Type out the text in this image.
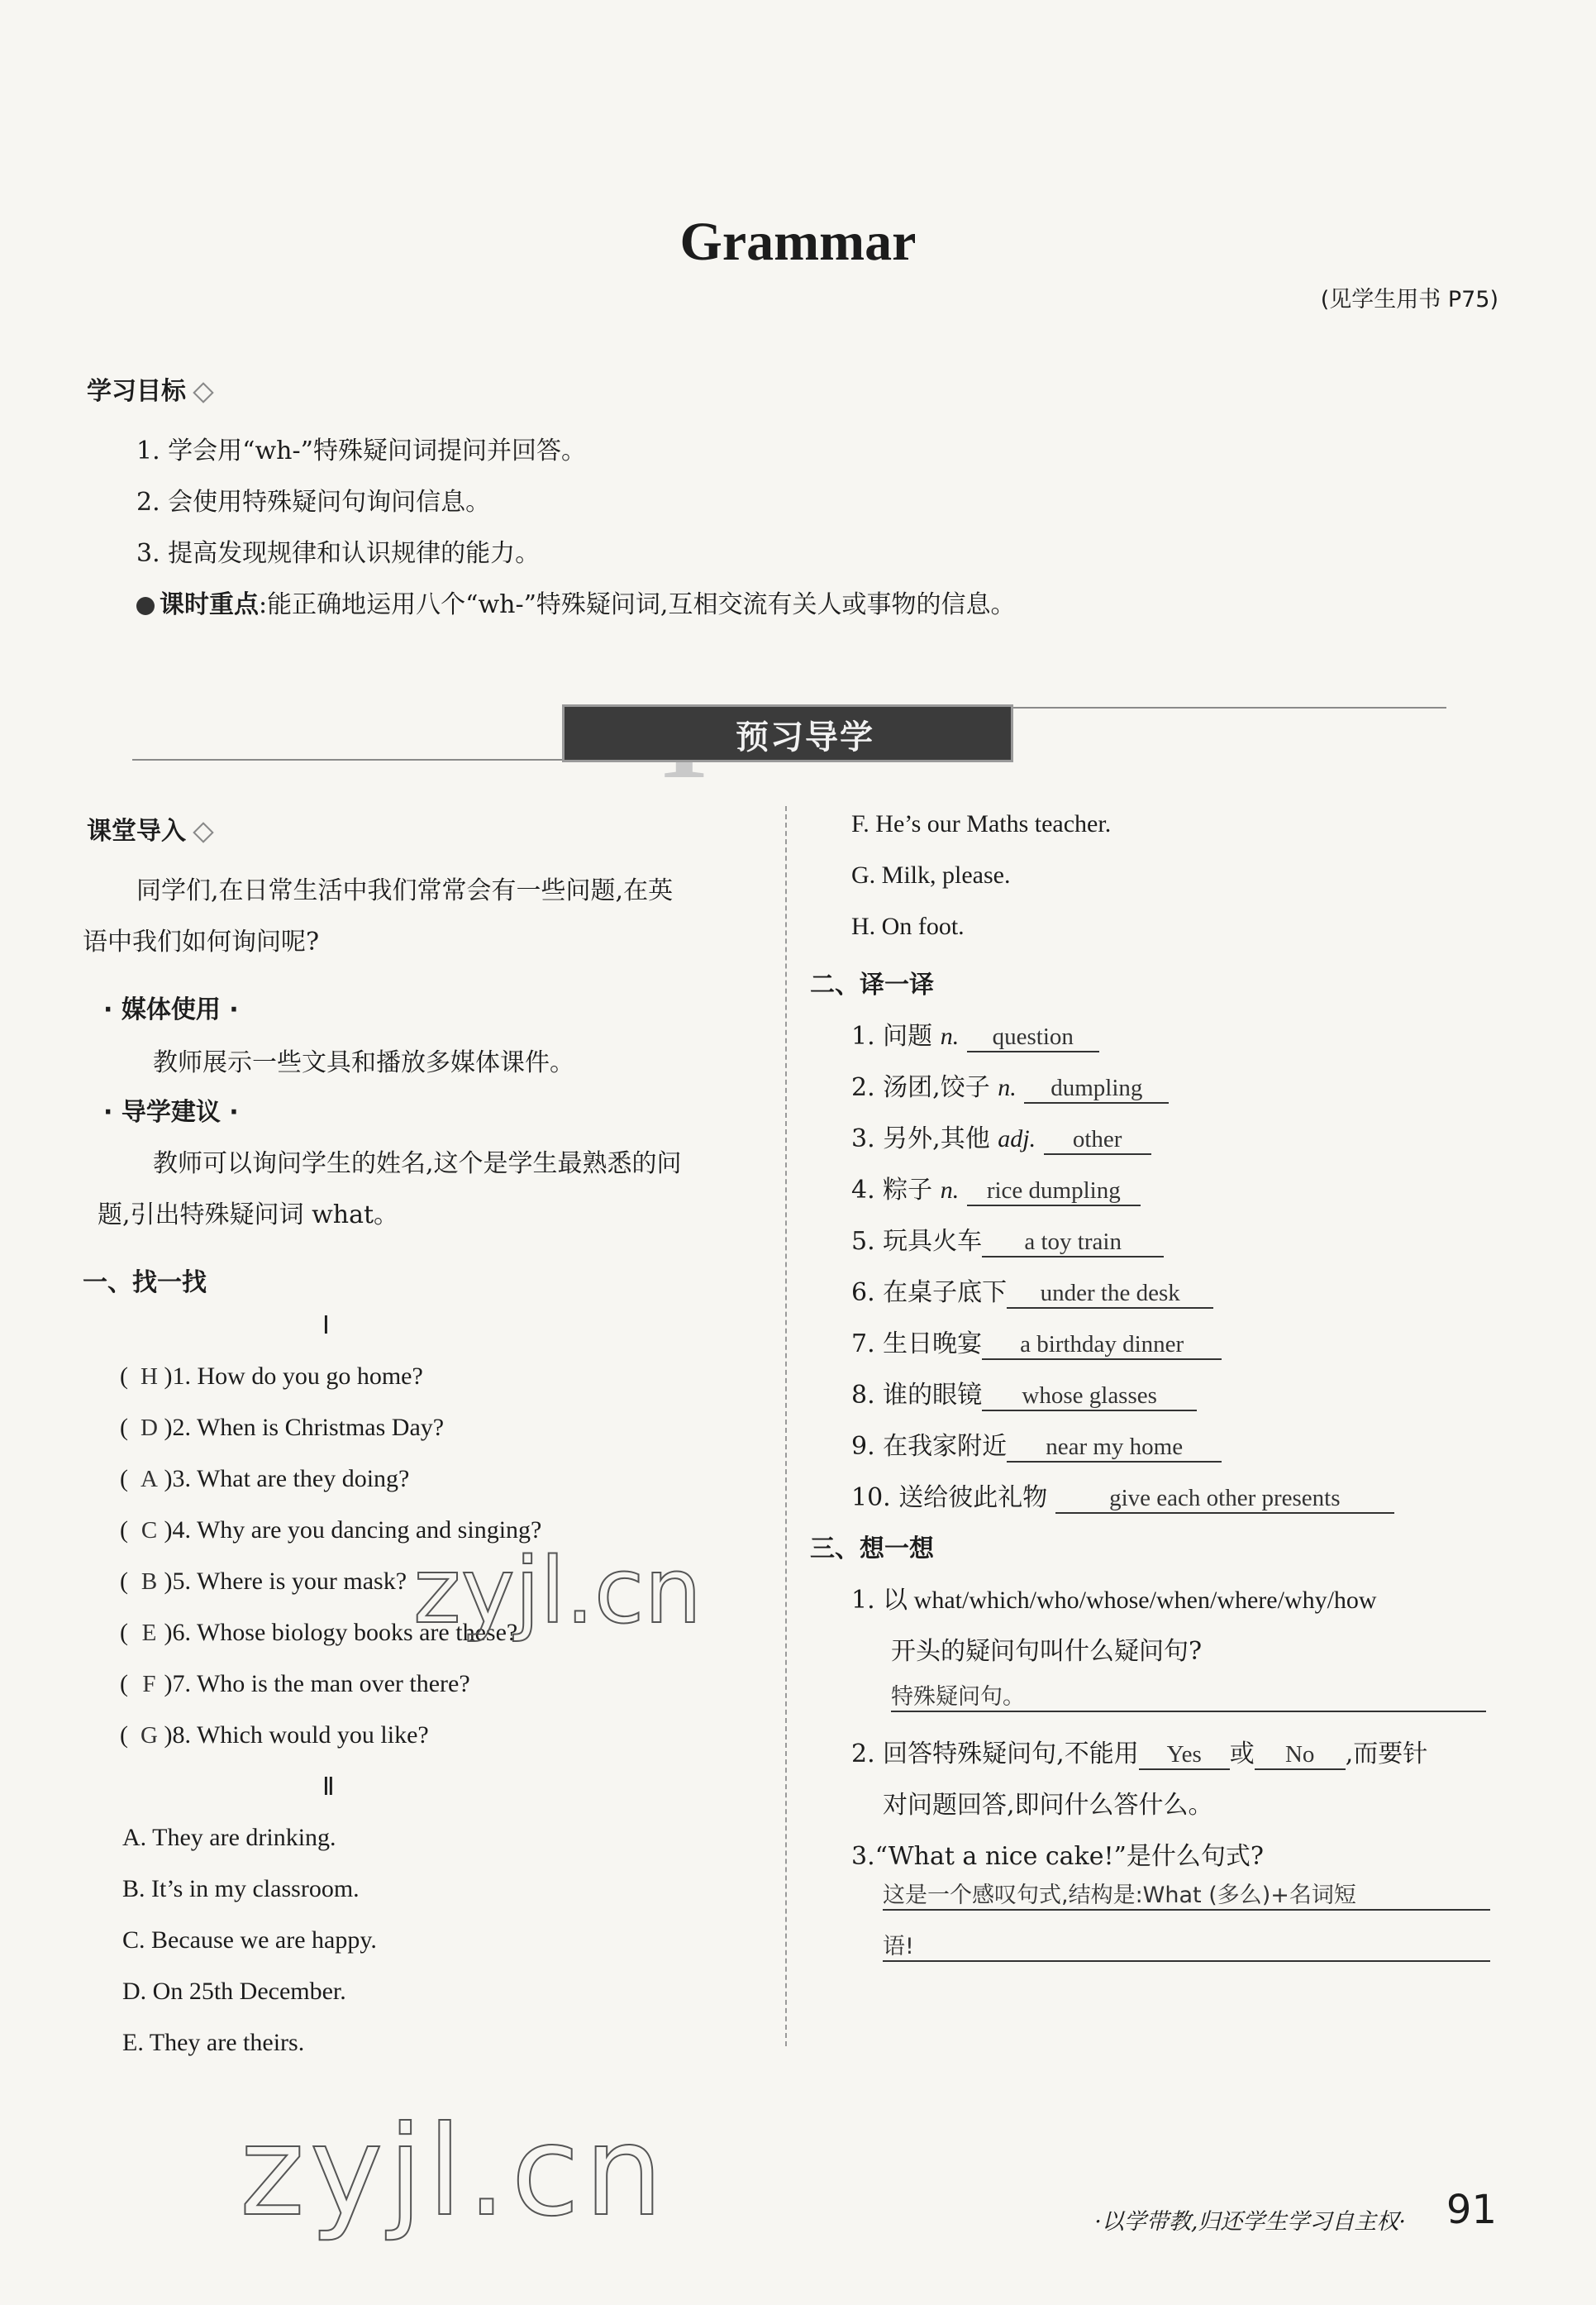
Grammar
(见学生用书 P75)
学习目标
1. 学会用“wh-”特殊疑问词提问并回答。
2. 会使用特殊疑问句询问信息。
3. 提高发现规律和认识规律的能力。
课时重点:能正确地运用八个“wh-”特殊疑问词,互相交流有关人或事物的信息。
预习导学
课堂导入
同学们,在日常生活中我们常常会有一些问题,在英
语中我们如何询问呢?
· 媒体使用 ·
教师展示一些文具和播放多媒体课件。
· 导学建议 ·
教师可以询问学生的姓名,这个是学生最熟悉的问
题,引出特殊疑问词 what。
一、找一找
Ⅰ
( H )1. How do you go home?
( D )2. When is Christmas Day?
( A )3. What are they doing?
( C )4. Why are you dancing and singing?
( B )5. Where is your mask?
( E )6. Whose biology books are these?
( F )7. Who is the man over there?
( G )8. Which would you like?
Ⅱ
A. They are drinking.
B. It’s in my classroom.
C. Because we are happy.
D. On 25th December.
E. They are theirs.
F. He’s our Maths teacher.
G. Milk, please.
H. On foot.
二、译一译
1. 问题 n. question
2. 汤团,饺子 n. dumpling
3. 另外,其他 adj. other
4. 粽子 n. rice dumpling
5. 玩具火车 a toy train
6. 在桌子底下 under the desk
7. 生日晚宴 a birthday dinner
8. 谁的眼镜 whose glasses
9. 在我家附近 near my home
10. 送给彼此礼物	give each other presents
三、想一想
1. 以 what/which/who/whose/when/where/why/how
开头的疑问句叫什么疑问句?
特殊疑问句。
2. 回答特殊疑问句,不能用 Yes 或 No ,而要针
对问题回答,即问什么答什么。
3.“What a nice cake!”是什么句式?
这是一个感叹句式,结构是:What (多么)+名词短
语!
zyjl.cn
zyjl.cn	·以学带教,归还学生学习自主权· 91
